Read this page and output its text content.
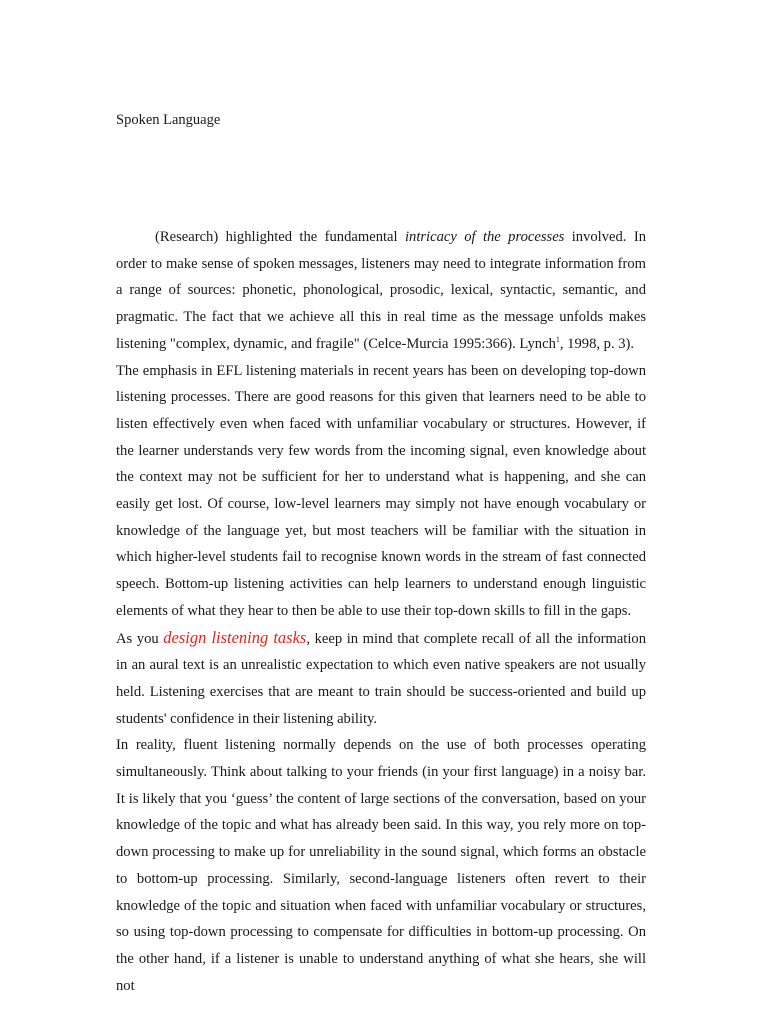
Spoken Language

(Research) highlighted the fundamental intricacy of the processes involved. In order to make sense of spoken messages, listeners may need to integrate information from a range of sources: phonetic, phonological, prosodic, lexical, syntactic, semantic, and pragmatic. The fact that we achieve all this in real time as the message unfolds makes listening "complex, dynamic, and fragile" (Celce-Murcia 1995:366). Lynch$^1$, 1998, p. 3).

The emphasis in EFL listening materials in recent years has been on developing top-down listening processes. There are good reasons for this given that learners need to be able to listen effectively even when faced with unfamiliar vocabulary or structures. However, if the learner understands very few words from the incoming signal, even knowledge about the context may not be sufficient for her to understand what is happening, and she can easily get lost. Of course, low-level learners may simply not have enough vocabulary or knowledge of the language yet, but most teachers will be familiar with the situation in which higher-level students fail to recognise known words in the stream of fast connected speech. Bottom-up listening activities can help learners to understand enough linguistic elements of what they hear to then be able to use their top-down skills to fill in the gaps.

As you design listening tasks, keep in mind that complete recall of all the information in an aural text is an unrealistic expectation to which even native speakers are not usually held. Listening exercises that are meant to train should be success-oriented and build up students' confidence in their listening ability.

In reality, fluent listening normally depends on the use of both processes operating simultaneously. Think about talking to your friends (in your first language) in a noisy bar. It is likely that you ‘guess’ the content of large sections of the conversation, based on your knowledge of the topic and what has already been said. In this way, you rely more on top-down processing to make up for unreliability in the sound signal, which forms an obstacle to bottom-up processing. Similarly, second-language listeners often revert to their knowledge of the topic and situation when faced with unfamiliar vocabulary or structures, so using top-down processing to compensate for difficulties in bottom-up processing. On the other hand, if a listener is unable to understand anything of what she hears, she will not
